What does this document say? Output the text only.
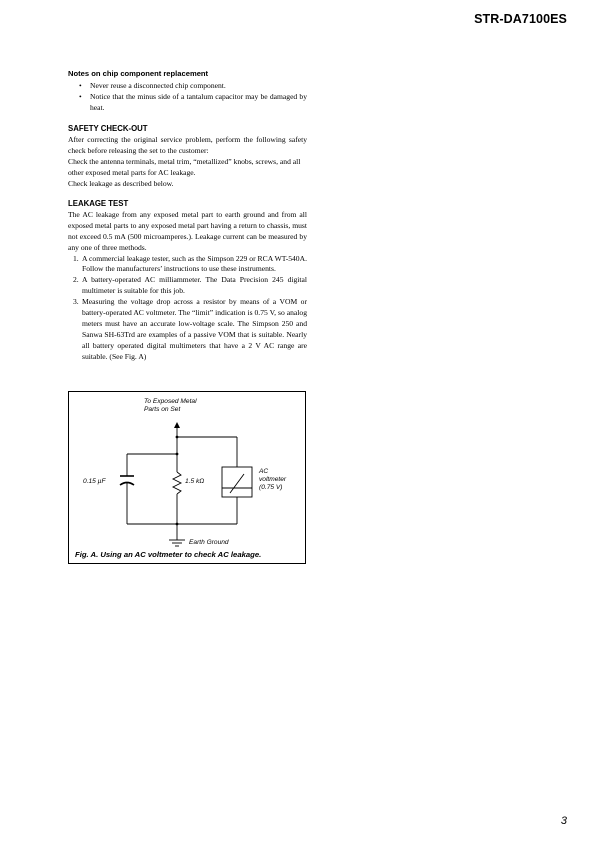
STR-DA7100ES
Notes on chip component replacement
• Never reuse a disconnected chip component.
• Notice that the minus side of a tantalum capacitor may be damaged by heat.
SAFETY CHECK-OUT

After correcting the original service problem, perform the following safety check before releasing the set to the customer:

Check the antenna terminals, metal trim, “metallized” knobs, screws, and all other exposed metal parts for AC leakage.

Check leakage as described below.

LEAKAGE TEST

The AC leakage from any exposed metal part to earth ground and from all exposed metal parts to any exposed metal part having a return to chassis, must not exceed 0.5 mA (500 microamperes.). Leakage current can be measured by any one of three methods.

1. A commercial leakage tester, such as the Simpson 229 or RCA WT-540A. Follow the manufacturers’ instructions to use these instruments.
2. A battery-operated AC milliammeter. The Data Precision 245 digital multimeter is suitable for this job.
3. Measuring the voltage drop across a resistor by means of a VOM or battery-operated AC voltmeter. The “limit” indication is 0.75 V, so analog meters must have an accurate low-voltage scale. The Simpson 250 and Sanwa SH-63Trd are examples of a passive VOM that is suitable. Nearly all battery operated digital multimeters that have a 2 V AC range are suitable. (See Fig. A)
To Exposed Metal
Parts on Set
0.15 µF	1.5 kΩ
AC
voltmeter
(0.75 V)
Earth Ground
Fig. A. Using an AC voltmeter to check AC leakage.
3
